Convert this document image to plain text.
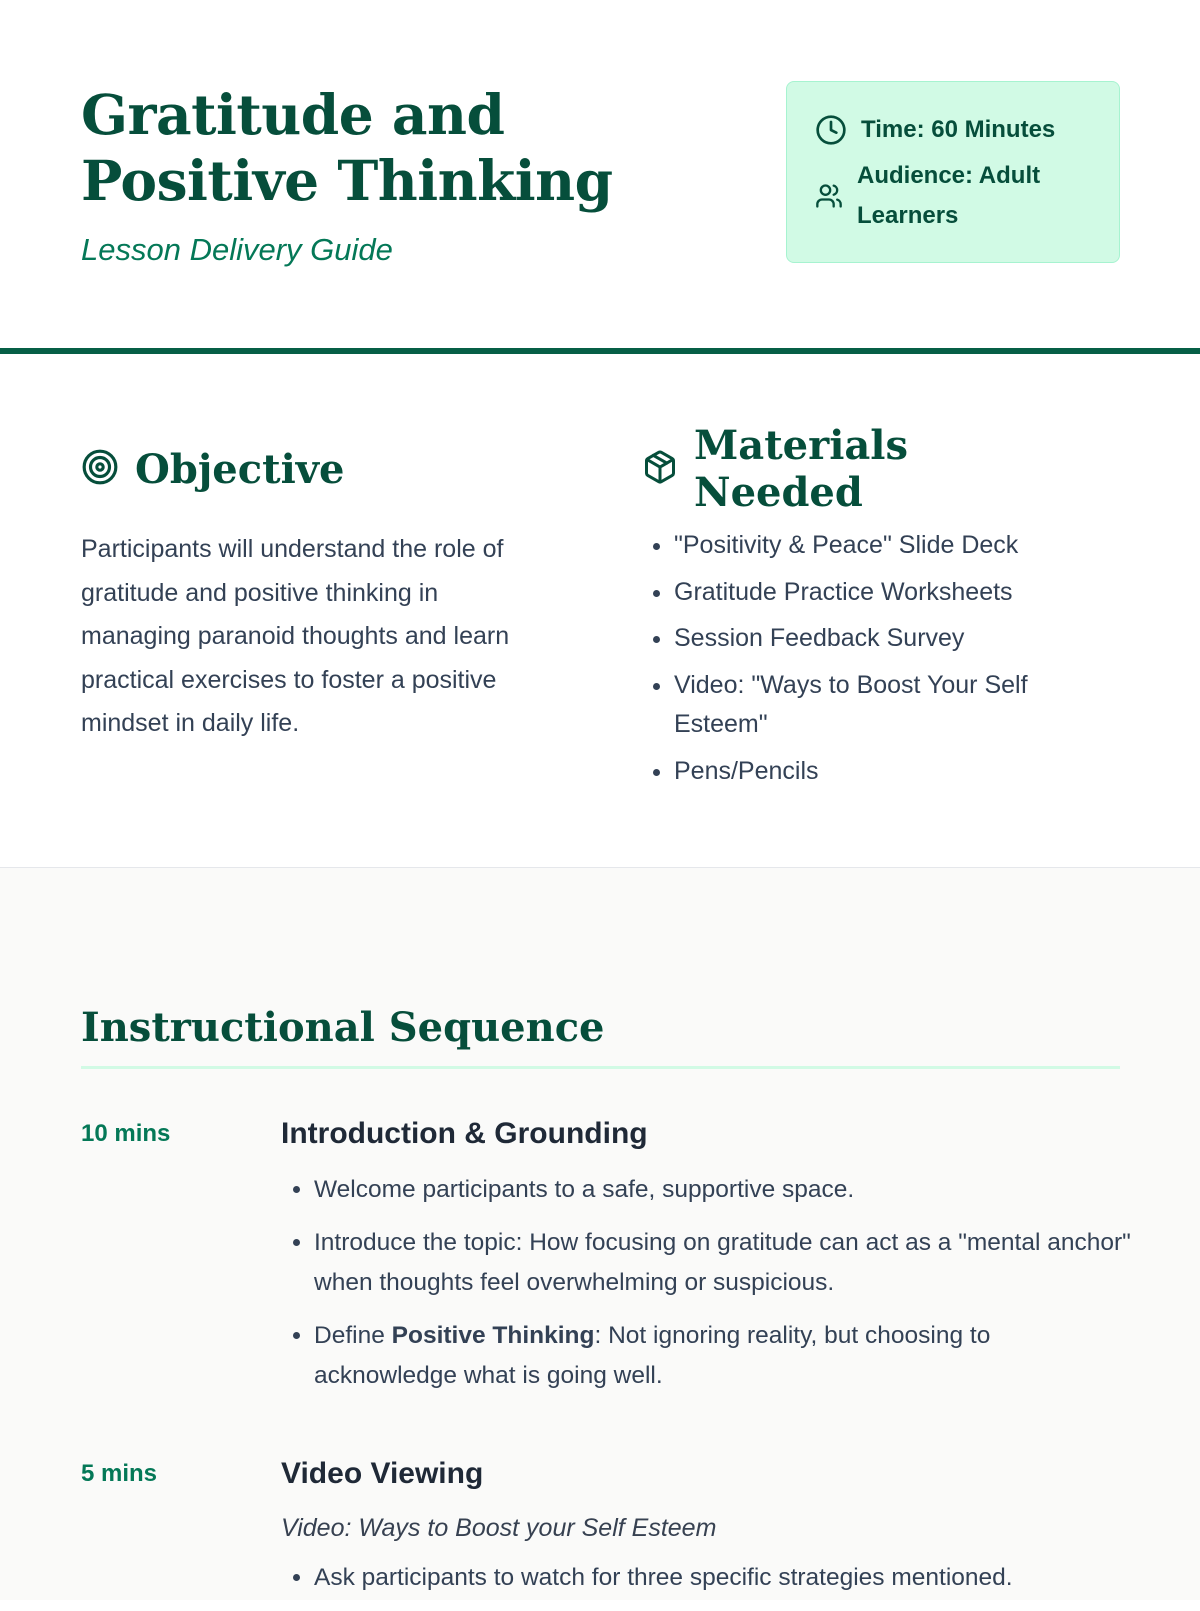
Gratitude and Positive Thinking
Lesson Delivery Guide
Time: 60 Minutes
Audience: Adult Learners
Objective

Participants will understand the role of gratitude and positive thinking in managing paranoid thoughts and learn practical exercises to foster a positive mindset in daily life.

Materials Needed
• "Positivity & Peace" Slide Deck
• Gratitude Practice Worksheets
• Session Feedback Survey
• Video: "Ways to Boost Your Self Esteem"
• Pens/Pencils
Instructional Sequence
10 mins	Introduction & Grounding
• Welcome participants to a safe, supportive space.
• Introduce the topic: How focusing on gratitude can act as a "mental anchor" when thoughts feel overwhelming or suspicious.
• Define Positive Thinking: Not ignoring reality, but choosing to acknowledge what is going well.
5 mins	Video Viewing
Video: Ways to Boost your Self Esteem
• Ask participants to watch for three specific strategies mentioned.
